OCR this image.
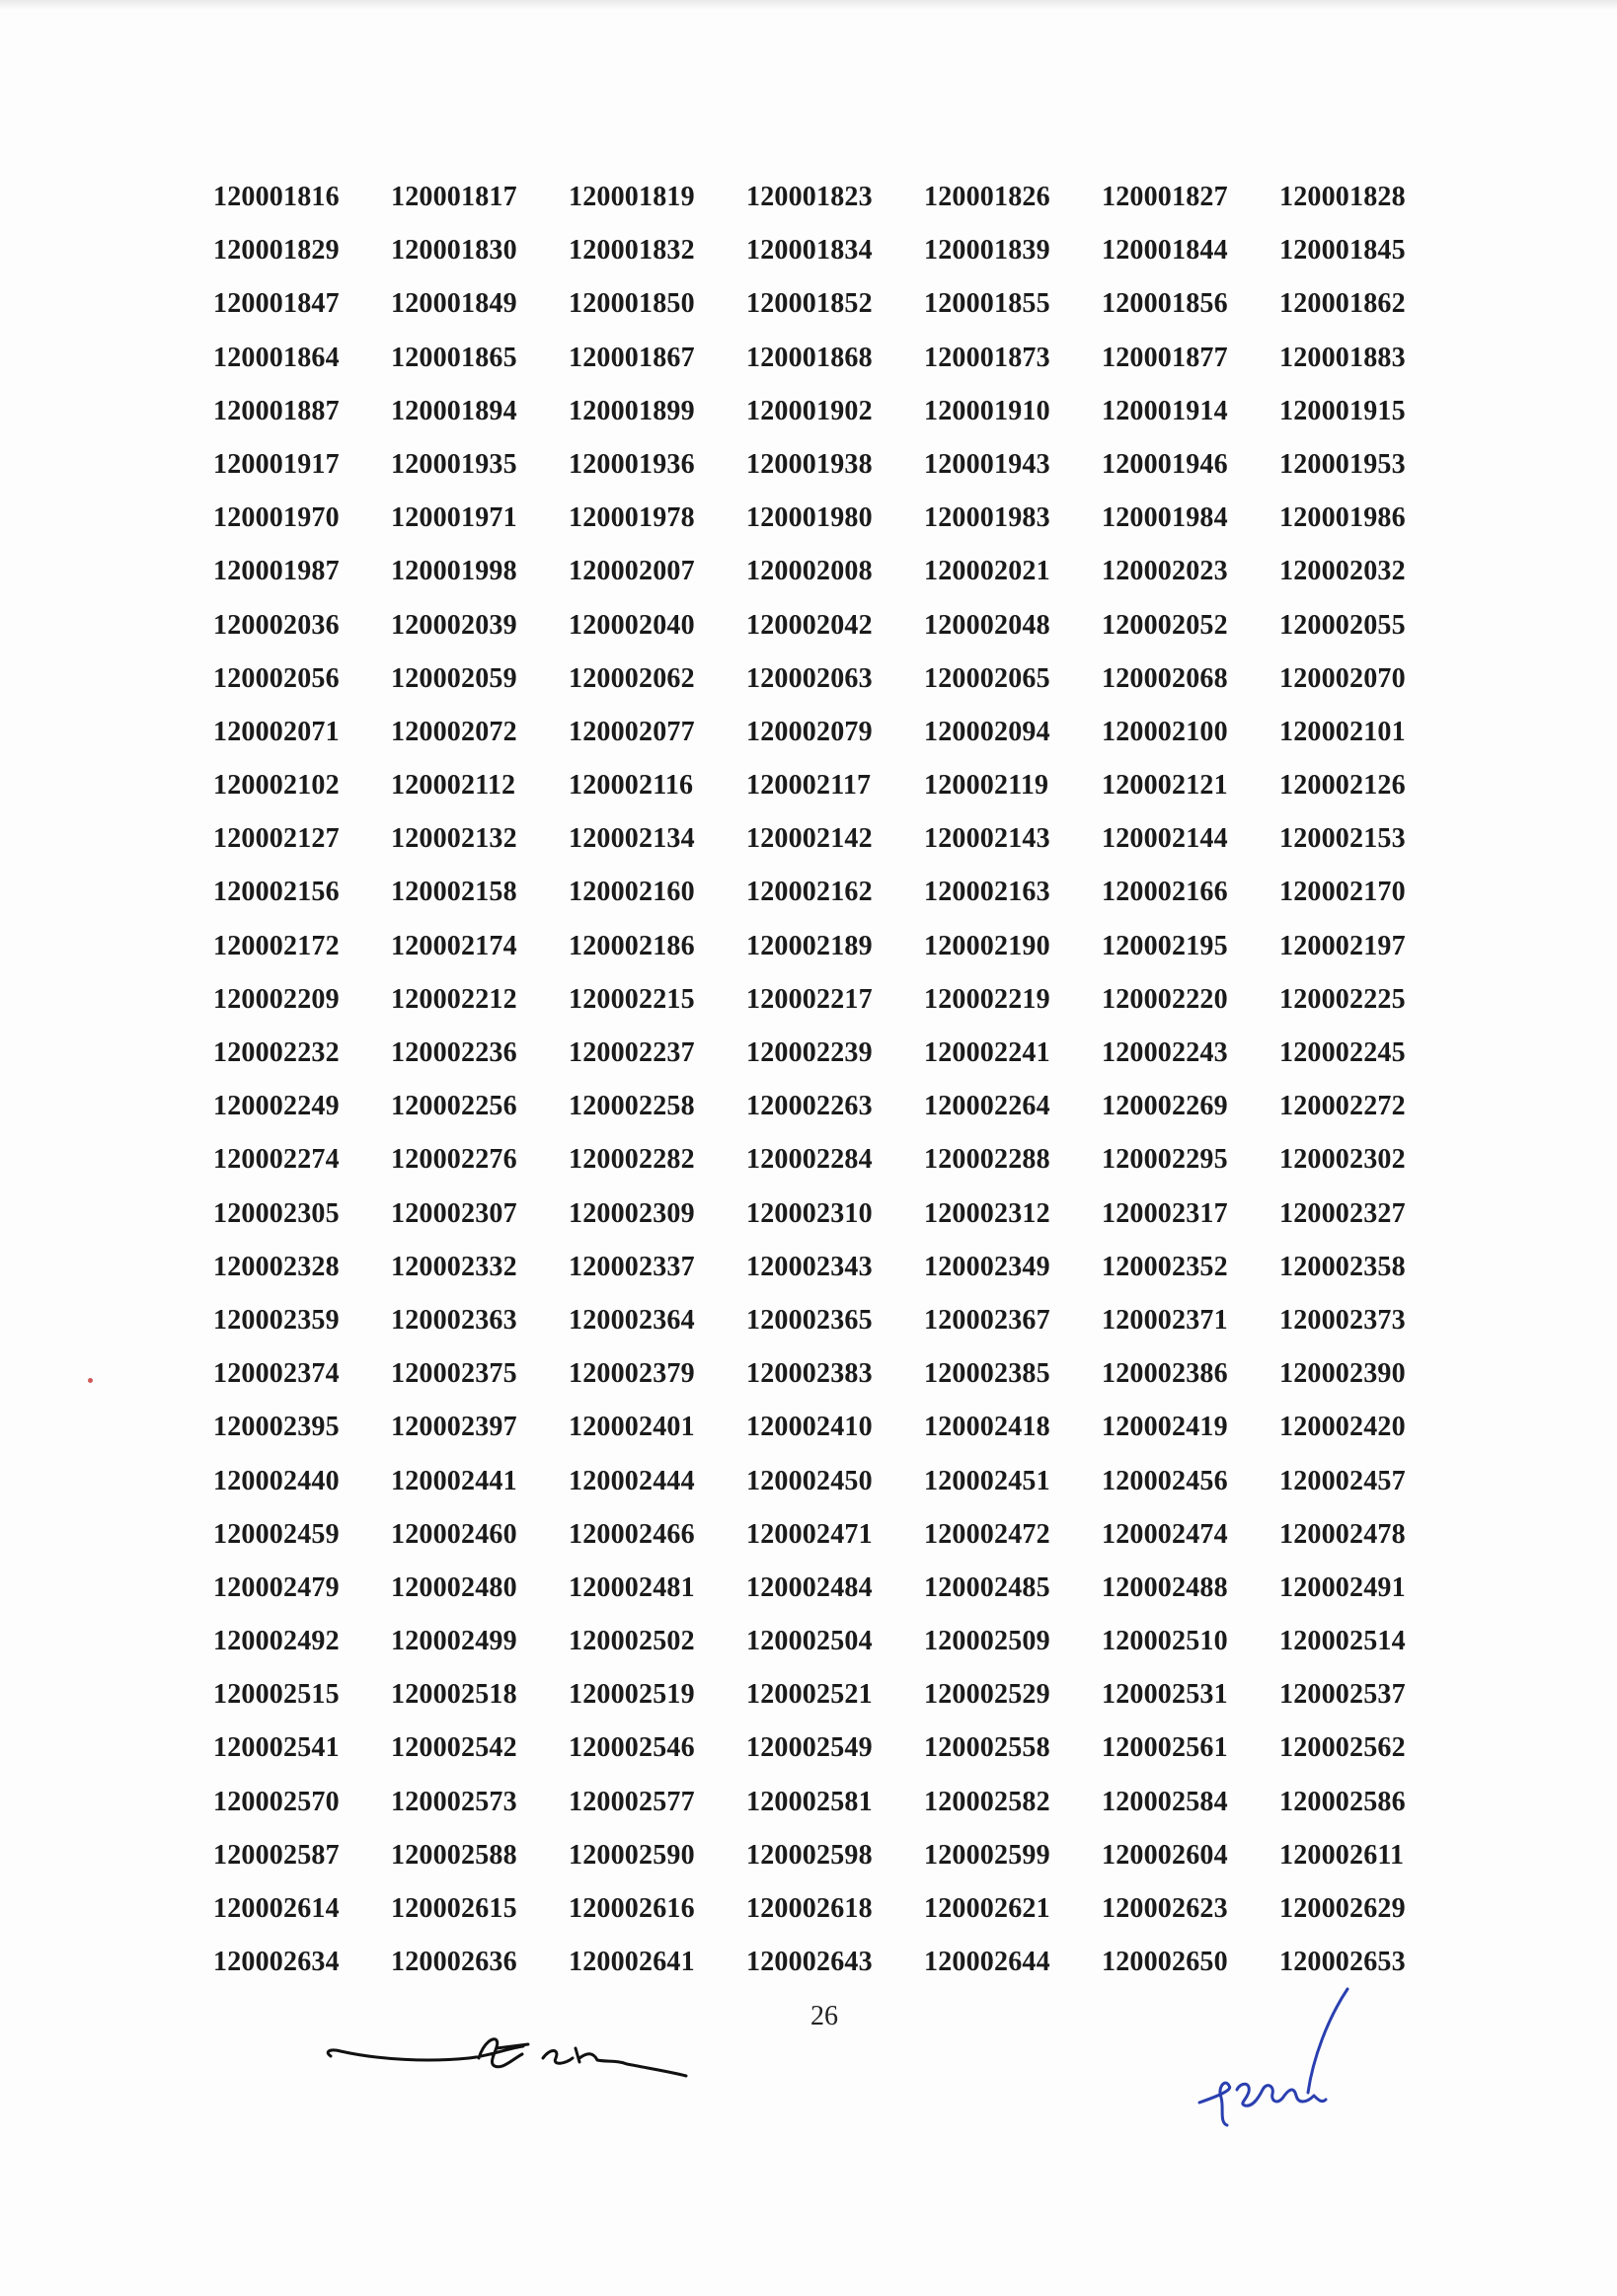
120001816	120001817	120001819	120001823	120001826	120001827	120001828
120001829	120001830	120001832	120001834	120001839	120001844	120001845
120001847	120001849	120001850	120001852	120001855	120001856	120001862
120001864	120001865	120001867	120001868	120001873	120001877	120001883
120001887	120001894	120001899	120001902	120001910	120001914	120001915
120001917	120001935	120001936	120001938	120001943	120001946	120001953
120001970	120001971	120001978	120001980	120001983	120001984	120001986
120001987	120001998	120002007	120002008	120002021	120002023	120002032
120002036	120002039	120002040	120002042	120002048	120002052	120002055
120002056	120002059	120002062	120002063	120002065	120002068	120002070
120002071	120002072	120002077	120002079	120002094	120002100	120002101
120002102	120002112	120002116	120002117	120002119	120002121	120002126
120002127	120002132	120002134	120002142	120002143	120002144	120002153
120002156	120002158	120002160	120002162	120002163	120002166	120002170
120002172	120002174	120002186	120002189	120002190	120002195	120002197
120002209	120002212	120002215	120002217	120002219	120002220	120002225
120002232	120002236	120002237	120002239	120002241	120002243	120002245
120002249	120002256	120002258	120002263	120002264	120002269	120002272
120002274	120002276	120002282	120002284	120002288	120002295	120002302
120002305	120002307	120002309	120002310	120002312	120002317	120002327
120002328	120002332	120002337	120002343	120002349	120002352	120002358
120002359	120002363	120002364	120002365	120002367	120002371	120002373
120002374	120002375	120002379	120002383	120002385	120002386	120002390
120002395	120002397	120002401	120002410	120002418	120002419	120002420
120002440	120002441	120002444	120002450	120002451	120002456	120002457
120002459	120002460	120002466	120002471	120002472	120002474	120002478
120002479	120002480	120002481	120002484	120002485	120002488	120002491
120002492	120002499	120002502	120002504	120002509	120002510	120002514
120002515	120002518	120002519	120002521	120002529	120002531	120002537
120002541	120002542	120002546	120002549	120002558	120002561	120002562
120002570	120002573	120002577	120002581	120002582	120002584	120002586
120002587	120002588	120002590	120002598	120002599	120002604	120002611
120002614	120002615	120002616	120002618	120002621	120002623	120002629
120002634	120002636	120002641	120002643	120002644	120002650	120002653
26
